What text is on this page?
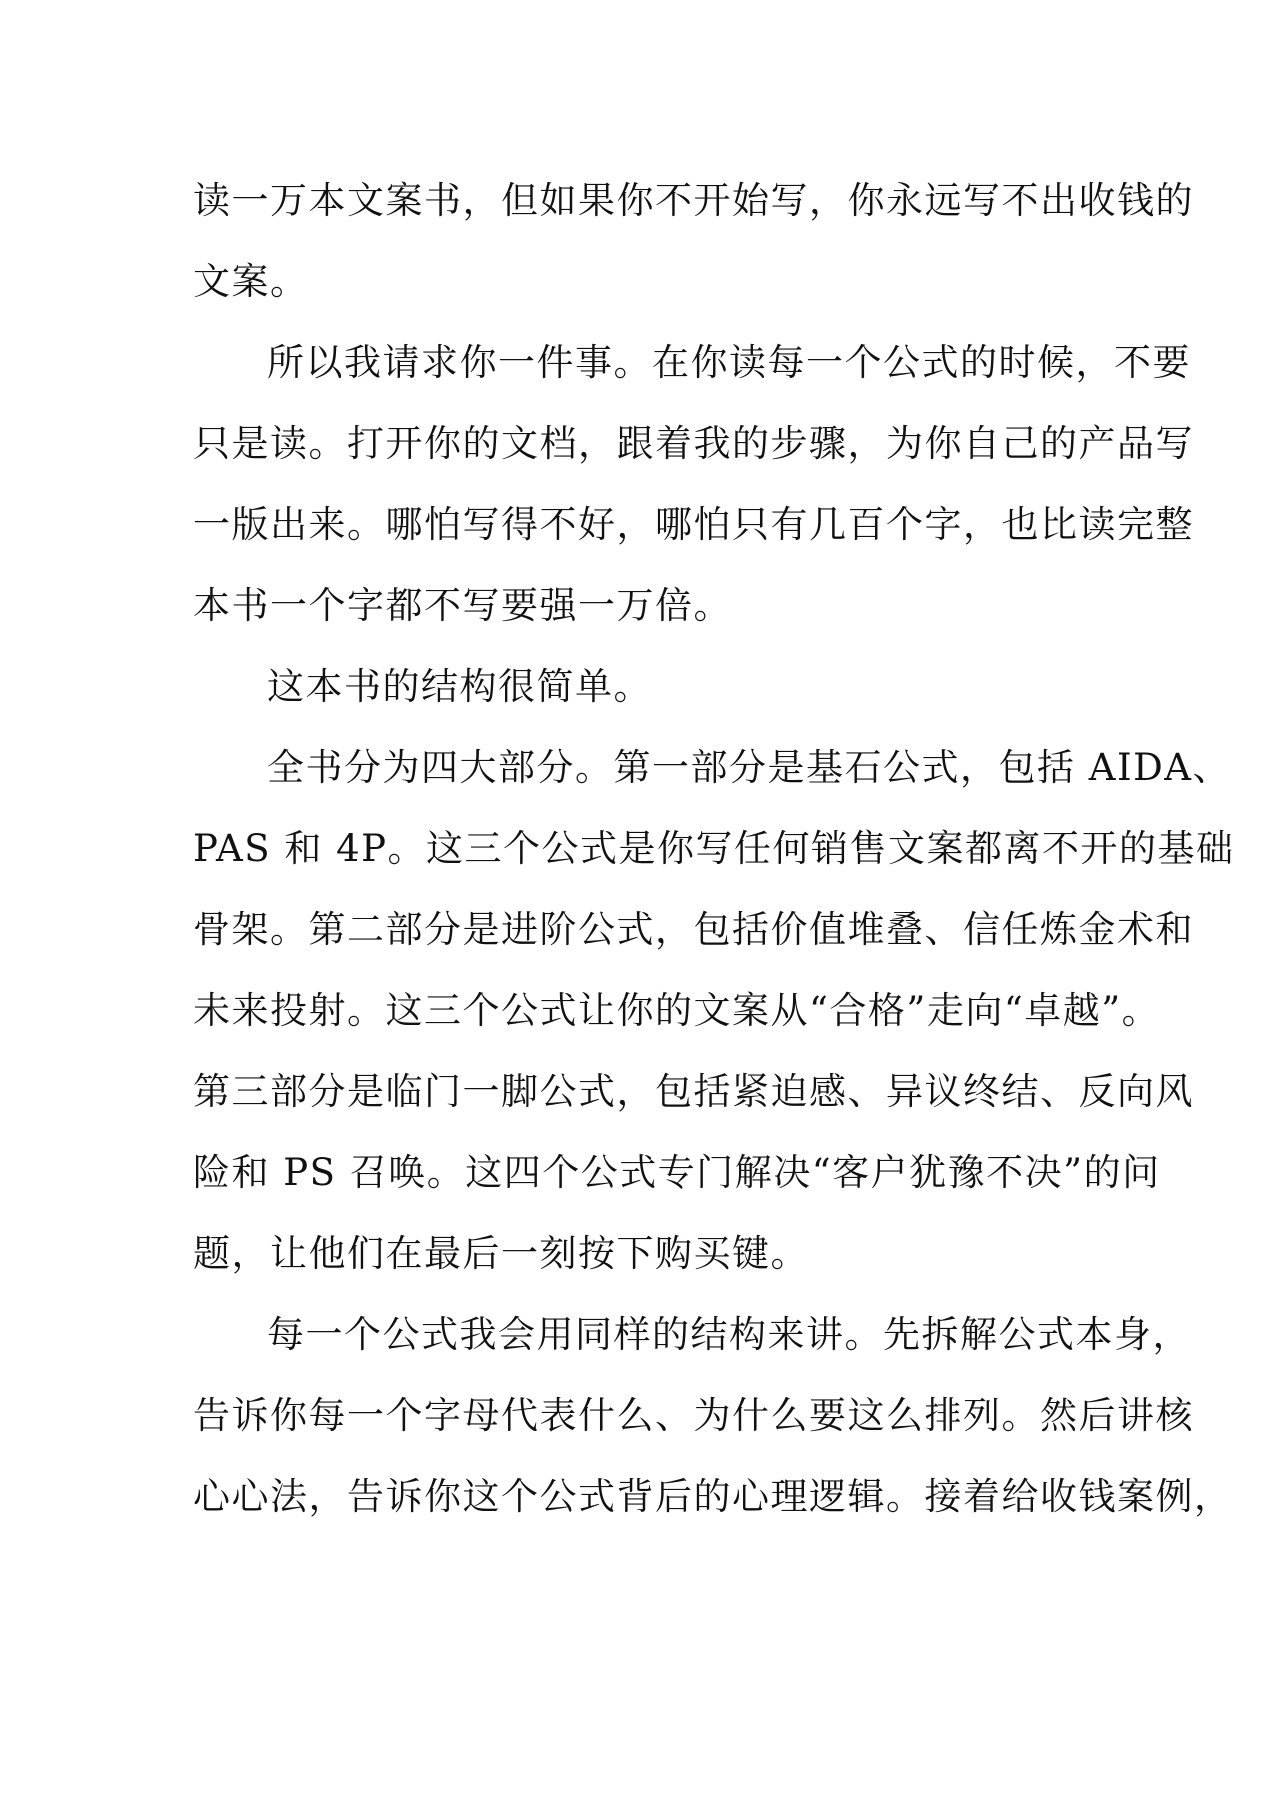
读一万本文案书，但如果你不开始写，你永远写不出收钱的
文案。

所以我请求你一件事。在你读每一个公式的时候，不要
只是读。打开你的文档，跟着我的步骤，为你自己的产品写
一版出来。哪怕写得不好，哪怕只有几百个字，也比读完整
本书一个字都不写要强一万倍。

这本书的结构很简单。

全书分为四大部分。第一部分是基石公式，包括 AIDA、
PAS 和 4P。这三个公式是你写任何销售文案都离不开的基础
骨架。第二部分是进阶公式，包括价值堆叠、信任炼金术和
未来投射。这三个公式让你的文案从“合格”走向“卓越”。
第三部分是临门一脚公式，包括紧迫感、异议终结、反向风
险和 PS 召唤。这四个公式专门解决“客户犹豫不决”的问
题，让他们在最后一刻按下购买键。

每一个公式我会用同样的结构来讲。先拆解公式本身，
告诉你每一个字母代表什么、为什么要这么排列。然后讲核
心心法，告诉你这个公式背后的心理逻辑。接着给收钱案例，
